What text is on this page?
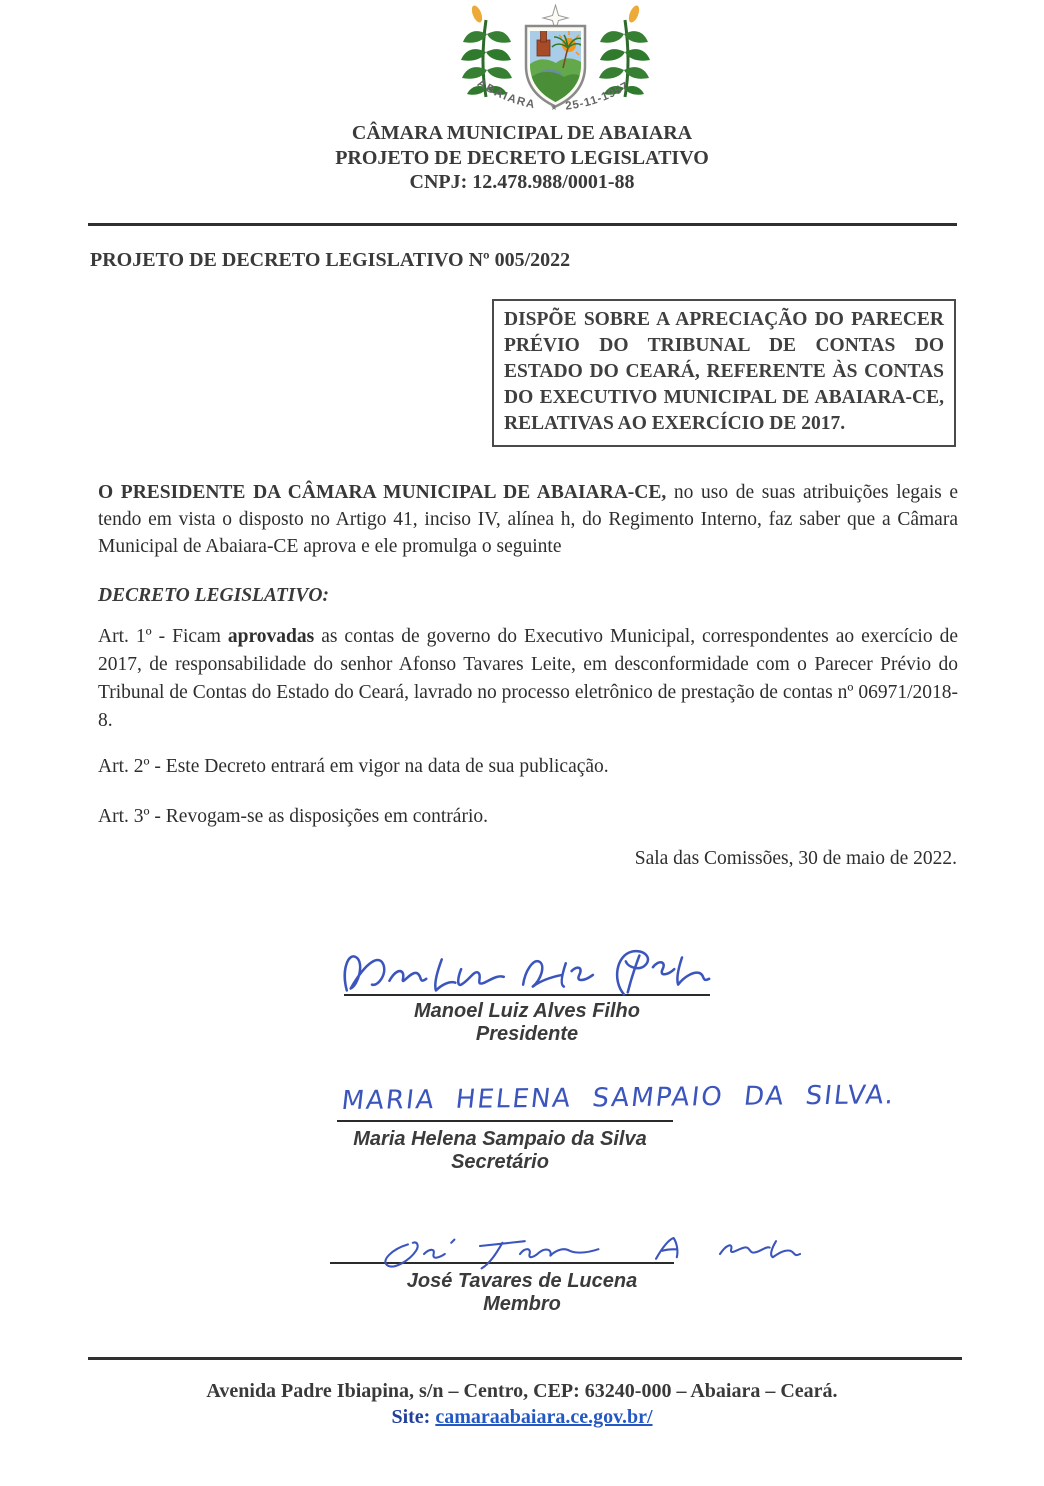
ABAIARA ★ 25-11-1957
CÂMARA MUNICIPAL DE ABAIARA
PROJETO DE DECRETO LEGISLATIVO
CNPJ: 12.478.988/0001-88
PROJETO DE DECRETO LEGISLATIVO Nº 005/2022
DISPÕE SOBRE A APRECIAÇÃO DO PARECER PRÉVIO DO TRIBUNAL DE CONTAS DO ESTADO DO CEARÁ, REFERENTE ÀS CONTAS DO EXECUTIVO MUNICIPAL DE ABAIARA-CE, RELATIVAS AO EXERCÍCIO DE 2017.

O PRESIDENTE DA CÂMARA MUNICIPAL DE ABAIARA-CE, no uso de suas atribuições legais e tendo em vista o disposto no Artigo 41, inciso IV, alínea h, do Regimento Interno, faz saber que a Câmara Municipal de Abaiara-CE aprova e ele promulga o seguinte

DECRETO LEGISLATIVO:

Art. 1º - Ficam aprovadas as contas de governo do Executivo Municipal, correspondentes ao exercício de 2017, de responsabilidade do senhor Afonso Tavares Leite, em desconformidade com o Parecer Prévio do Tribunal de Contas do Estado do Ceará, lavrado no processo eletrônico de prestação de contas nº 06971/2018-8.

Art. 2º - Este Decreto entrará em vigor na data de sua publicação.

Art. 3º - Revogam-se as disposições em contrário.

Sala das Comissões, 30 de maio de 2022.
Manoel Luiz Alves Filho
Presidente
MARIA HELENA SAMPAIO DA SILVA.
Maria Helena Sampaio da Silva
Secretário
José Tavares de Lucena
Membro
Avenida Padre Ibiapina, s/n – Centro, CEP: 63240-000 – Abaiara – Ceará.
Site: camaraabaiara.ce.gov.br/
